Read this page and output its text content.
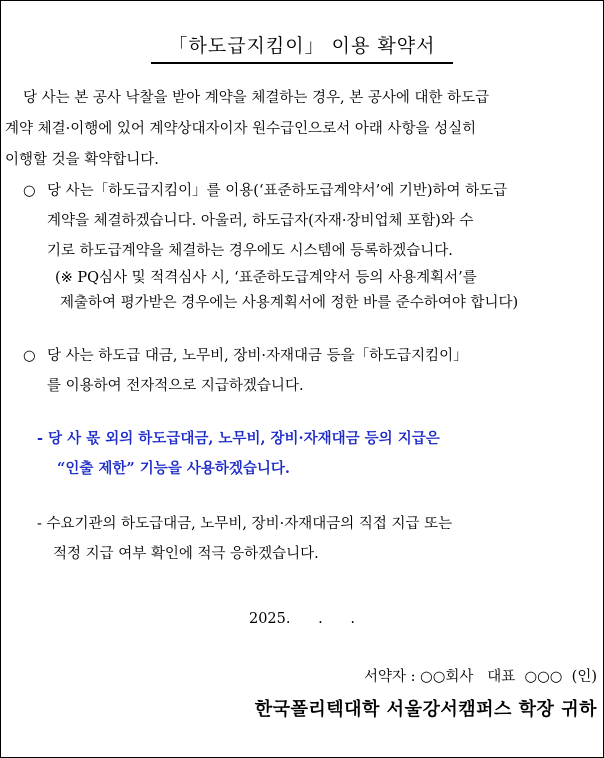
「하도급지킴이」 이용 확약서
당 사는 본 공사 낙찰을 받아 계약을 체결하는 경우, 본 공사에 대한 하도급
계약 체결·이행에 있어 계약상대자이자 원수급인으로서 아래 사항을 성실히
이행할 것을 확약합니다.
○ 당 사는「하도급지킴이」를 이용(‘표준하도급계약서’에 기반)하여 하도급
계약을 체결하겠습니다. 아울러, 하도급자(자재·장비업체 포함)와 수
기로 하도급계약을 체결하는 경우에도 시스템에 등록하겠습니다.
(※ PQ심사 및 적격심사 시, ‘표준하도급계약서 등의 사용계획서’를
제출하여 평가받은 경우에는 사용계획서에 정한 바를 준수하여야 합니다)
○ 당 사는 하도급 대금, 노무비, 장비·자재대금 등을「하도급지킴이」
를 이용하여 전자적으로 지급하겠습니다.
- 당 사 몫 외의 하도급대금, 노무비, 장비·자재대금 등의 지급은
“인출 제한” 기능을 사용하겠습니다.
- 수요기관의 하도급대금, 노무비, 장비·자재대금의 직접 지급 또는
적정 지급 여부 확인에 적극 응하겠습니다.
2025.      .      .
서약자 : ○○회사   대표  ○○○  (인)
한국폴리텍대학 서울강서캠퍼스 학장 귀하
